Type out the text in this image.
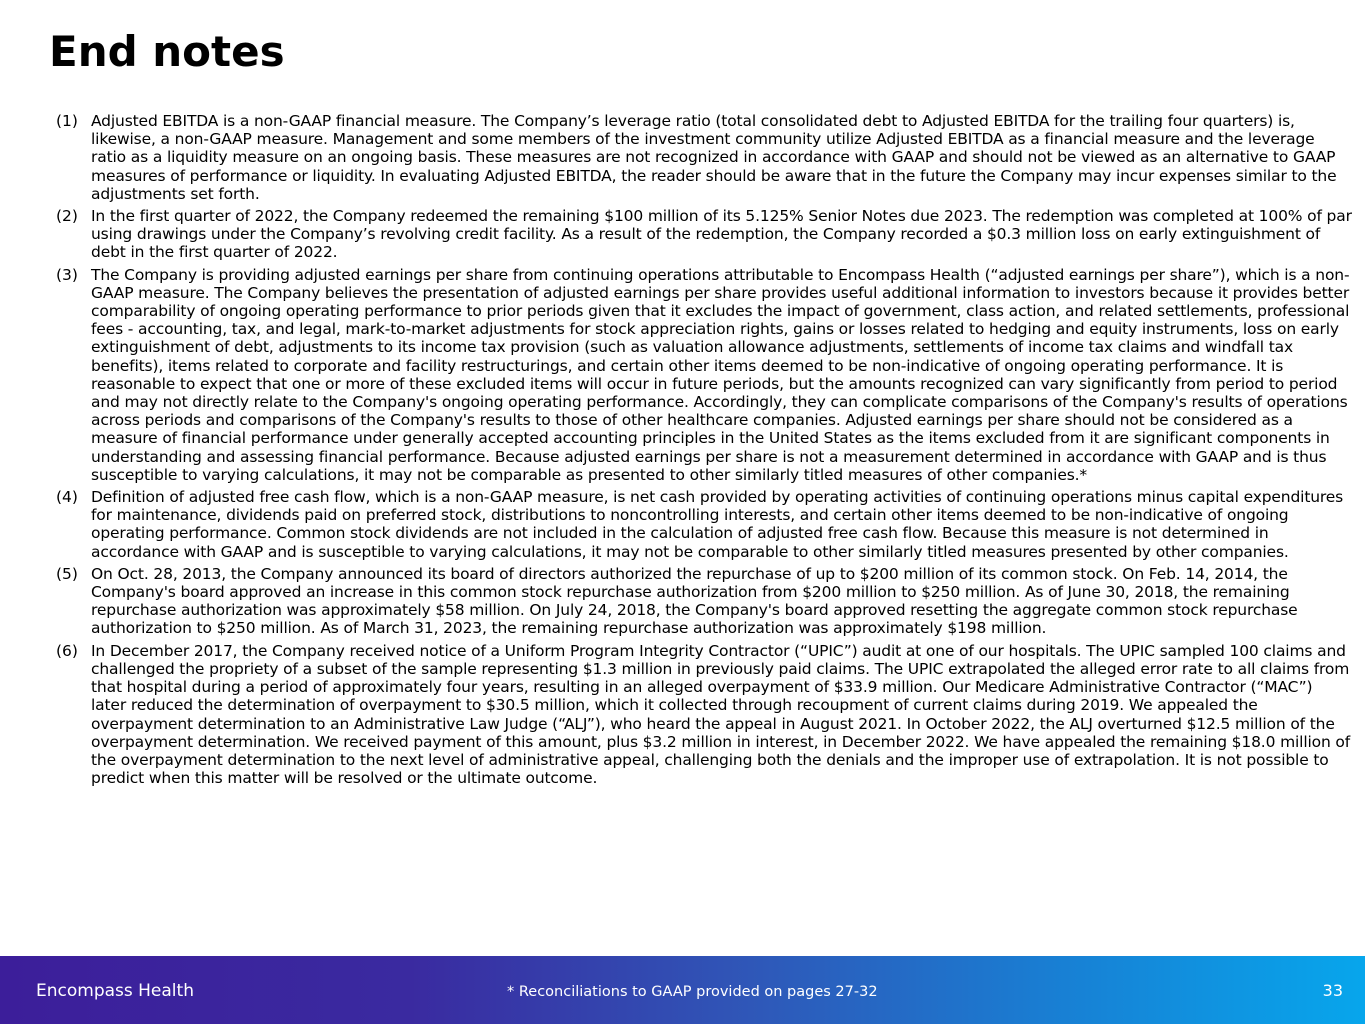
End notes
(1) Adjusted EBITDA is a non-GAAP financial measure. The Company’s leverage ratio (total consolidated debt to Adjusted EBITDA for the trailing four quarters) is, likewise, a non-GAAP measure. Management and some members of the investment community utilize Adjusted EBITDA as a financial measure and the leverage ratio as a liquidity measure on an ongoing basis. These measures are not recognized in accordance with GAAP and should not be viewed as an alternative to GAAP measures of performance or liquidity. In evaluating Adjusted EBITDA, the reader should be aware that in the future the Company may incur expenses similar to the adjustments set forth.
(2) In the first quarter of 2022, the Company redeemed the remaining $100 million of its 5.125% Senior Notes due 2023. The redemption was completed at 100% of par using drawings under the Company’s revolving credit facility. As a result of the redemption, the Company recorded a $0.3 million loss on early extinguishment of debt in the first quarter of 2022.
(3) The Company is providing adjusted earnings per share from continuing operations attributable to Encompass Health (“adjusted earnings per share”), which is a non-GAAP measure. The Company believes the presentation of adjusted earnings per share provides useful additional information to investors because it provides better comparability of ongoing operating performance to prior periods given that it excludes the impact of government, class action, and related settlements, professional fees - accounting, tax, and legal, mark-to-market adjustments for stock appreciation rights, gains or losses related to hedging and equity instruments, loss on early extinguishment of debt, adjustments to its income tax provision (such as valuation allowance adjustments, settlements of income tax claims and windfall tax benefits), items related to corporate and facility restructurings, and certain other items deemed to be non-indicative of ongoing operating performance. It is reasonable to expect that one or more of these excluded items will occur in future periods, but the amounts recognized can vary significantly from period to period and may not directly relate to the Company's ongoing operating performance. Accordingly, they can complicate comparisons of the Company's results of operations across periods and comparisons of the Company's results to those of other healthcare companies. Adjusted earnings per share should not be considered as a measure of financial performance under generally accepted accounting principles in the United States as the items excluded from it are significant components in understanding and assessing financial performance. Because adjusted earnings per share is not a measurement determined in accordance with GAAP and is thus susceptible to varying calculations, it may not be comparable as presented to other similarly titled measures of other companies.*
(4) Definition of adjusted free cash flow, which is a non-GAAP measure, is net cash provided by operating activities of continuing operations minus capital expenditures for maintenance, dividends paid on preferred stock, distributions to noncontrolling interests, and certain other items deemed to be non-indicative of ongoing operating performance. Common stock dividends are not included in the calculation of adjusted free cash flow. Because this measure is not determined in accordance with GAAP and is susceptible to varying calculations, it may not be comparable to other similarly titled measures presented by other companies.
(5) On Oct. 28, 2013, the Company announced its board of directors authorized the repurchase of up to $200 million of its common stock. On Feb. 14, 2014, the Company's board approved an increase in this common stock repurchase authorization from $200 million to $250 million. As of June 30, 2018, the remaining repurchase authorization was approximately $58 million. On July 24, 2018, the Company's board approved resetting the aggregate common stock repurchase authorization to $250 million. As of March 31, 2023, the remaining repurchase authorization was approximately $198 million.
(6) In December 2017, the Company received notice of a Uniform Program Integrity Contractor (“UPIC”) audit at one of our hospitals. The UPIC sampled 100 claims and challenged the propriety of a subset of the sample representing $1.3 million in previously paid claims. The UPIC extrapolated the alleged error rate to all claims from that hospital during a period of approximately four years, resulting in an alleged overpayment of $33.9 million. Our Medicare Administrative Contractor (“MAC”) later reduced the determination of overpayment to $30.5 million, which it collected through recoupment of current claims during 2019. We appealed the overpayment determination to an Administrative Law Judge (“ALJ”), who heard the appeal in August 2021. In October 2022, the ALJ overturned $12.5 million of the overpayment determination. We received payment of this amount, plus $3.2 million in interest, in December 2022. We have appealed the remaining $18.0 million of the overpayment determination to the next level of administrative appeal, challenging both the denials and the improper use of extrapolation. It is not possible to predict when this matter will be resolved or the ultimate outcome.
Encompass Health	* Reconciliations to GAAP provided on pages 27-32	33
